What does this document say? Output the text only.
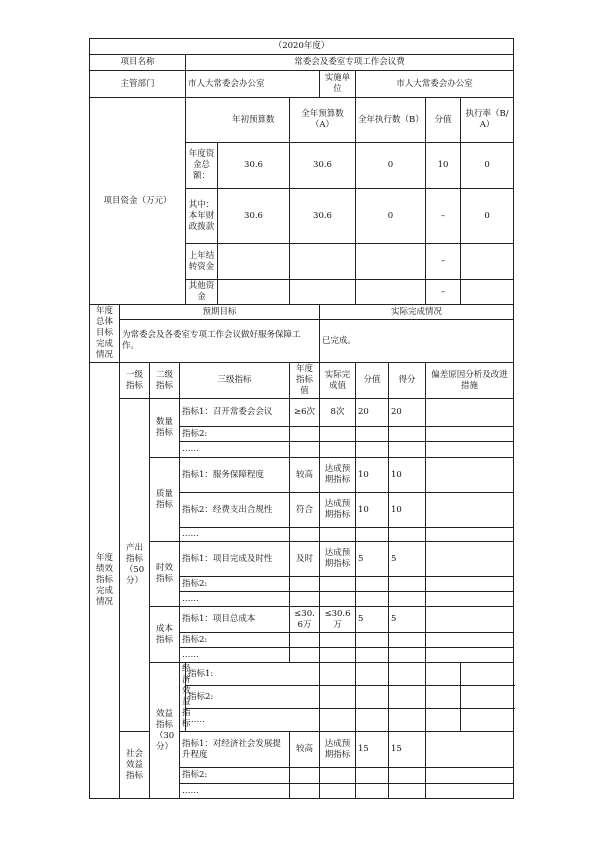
（2020年度）											
项目名称				常委会及委室专项工作会议费							
主管部门				市人大常委会办公室			实施单位	市人大常委会办公室			
项目资金（万元）					年初预算数	全年预算数（A）		全年执行数（B）		分值	执行率（B/A）
				年度资金总额：	30.6	30.6		0		10	0
				其中：本年财政拨款	30.6	30.6		0		–	0
				上年结转资金						–	
				其他资金						–	
年度总体目标完成情况	预期目标						实际完成情况				
	为常委会及各委室专项工作会议做好服务保障工作。						已完成。				
年度绩效指标完成情况	一级指标	二级指标	三级指标			年度指标值	实际完成值	分值	得分	偏差原因分析及改进措施	
	产出指标（50分）	数量指标	指标1：召开常委会会议			≥6次	8次	20	20		
			指标2:								
			……								
		质量指标	指标1：服务保障程度			较高	达成预期指标	10	10		
			指标2：经费支出合规性			符合	达成预期指标	10	10		
			……								
		时效指标	指标1：项目完成及时性			及时	达成预期指标	5	5		
			指标2:								
			……								
		成本指标	指标1：项目总成本			≤30.6万	≤30.6万	5	5		
			指标2:								
			……								
		效益指标（30分）	经济效益指标	指标1:							
				指标2:							
				……							
	社会效益指标		指标1：对经济社会发展提升程度			较高	达成预期指标	15	15		
			指标2:								
			……								
